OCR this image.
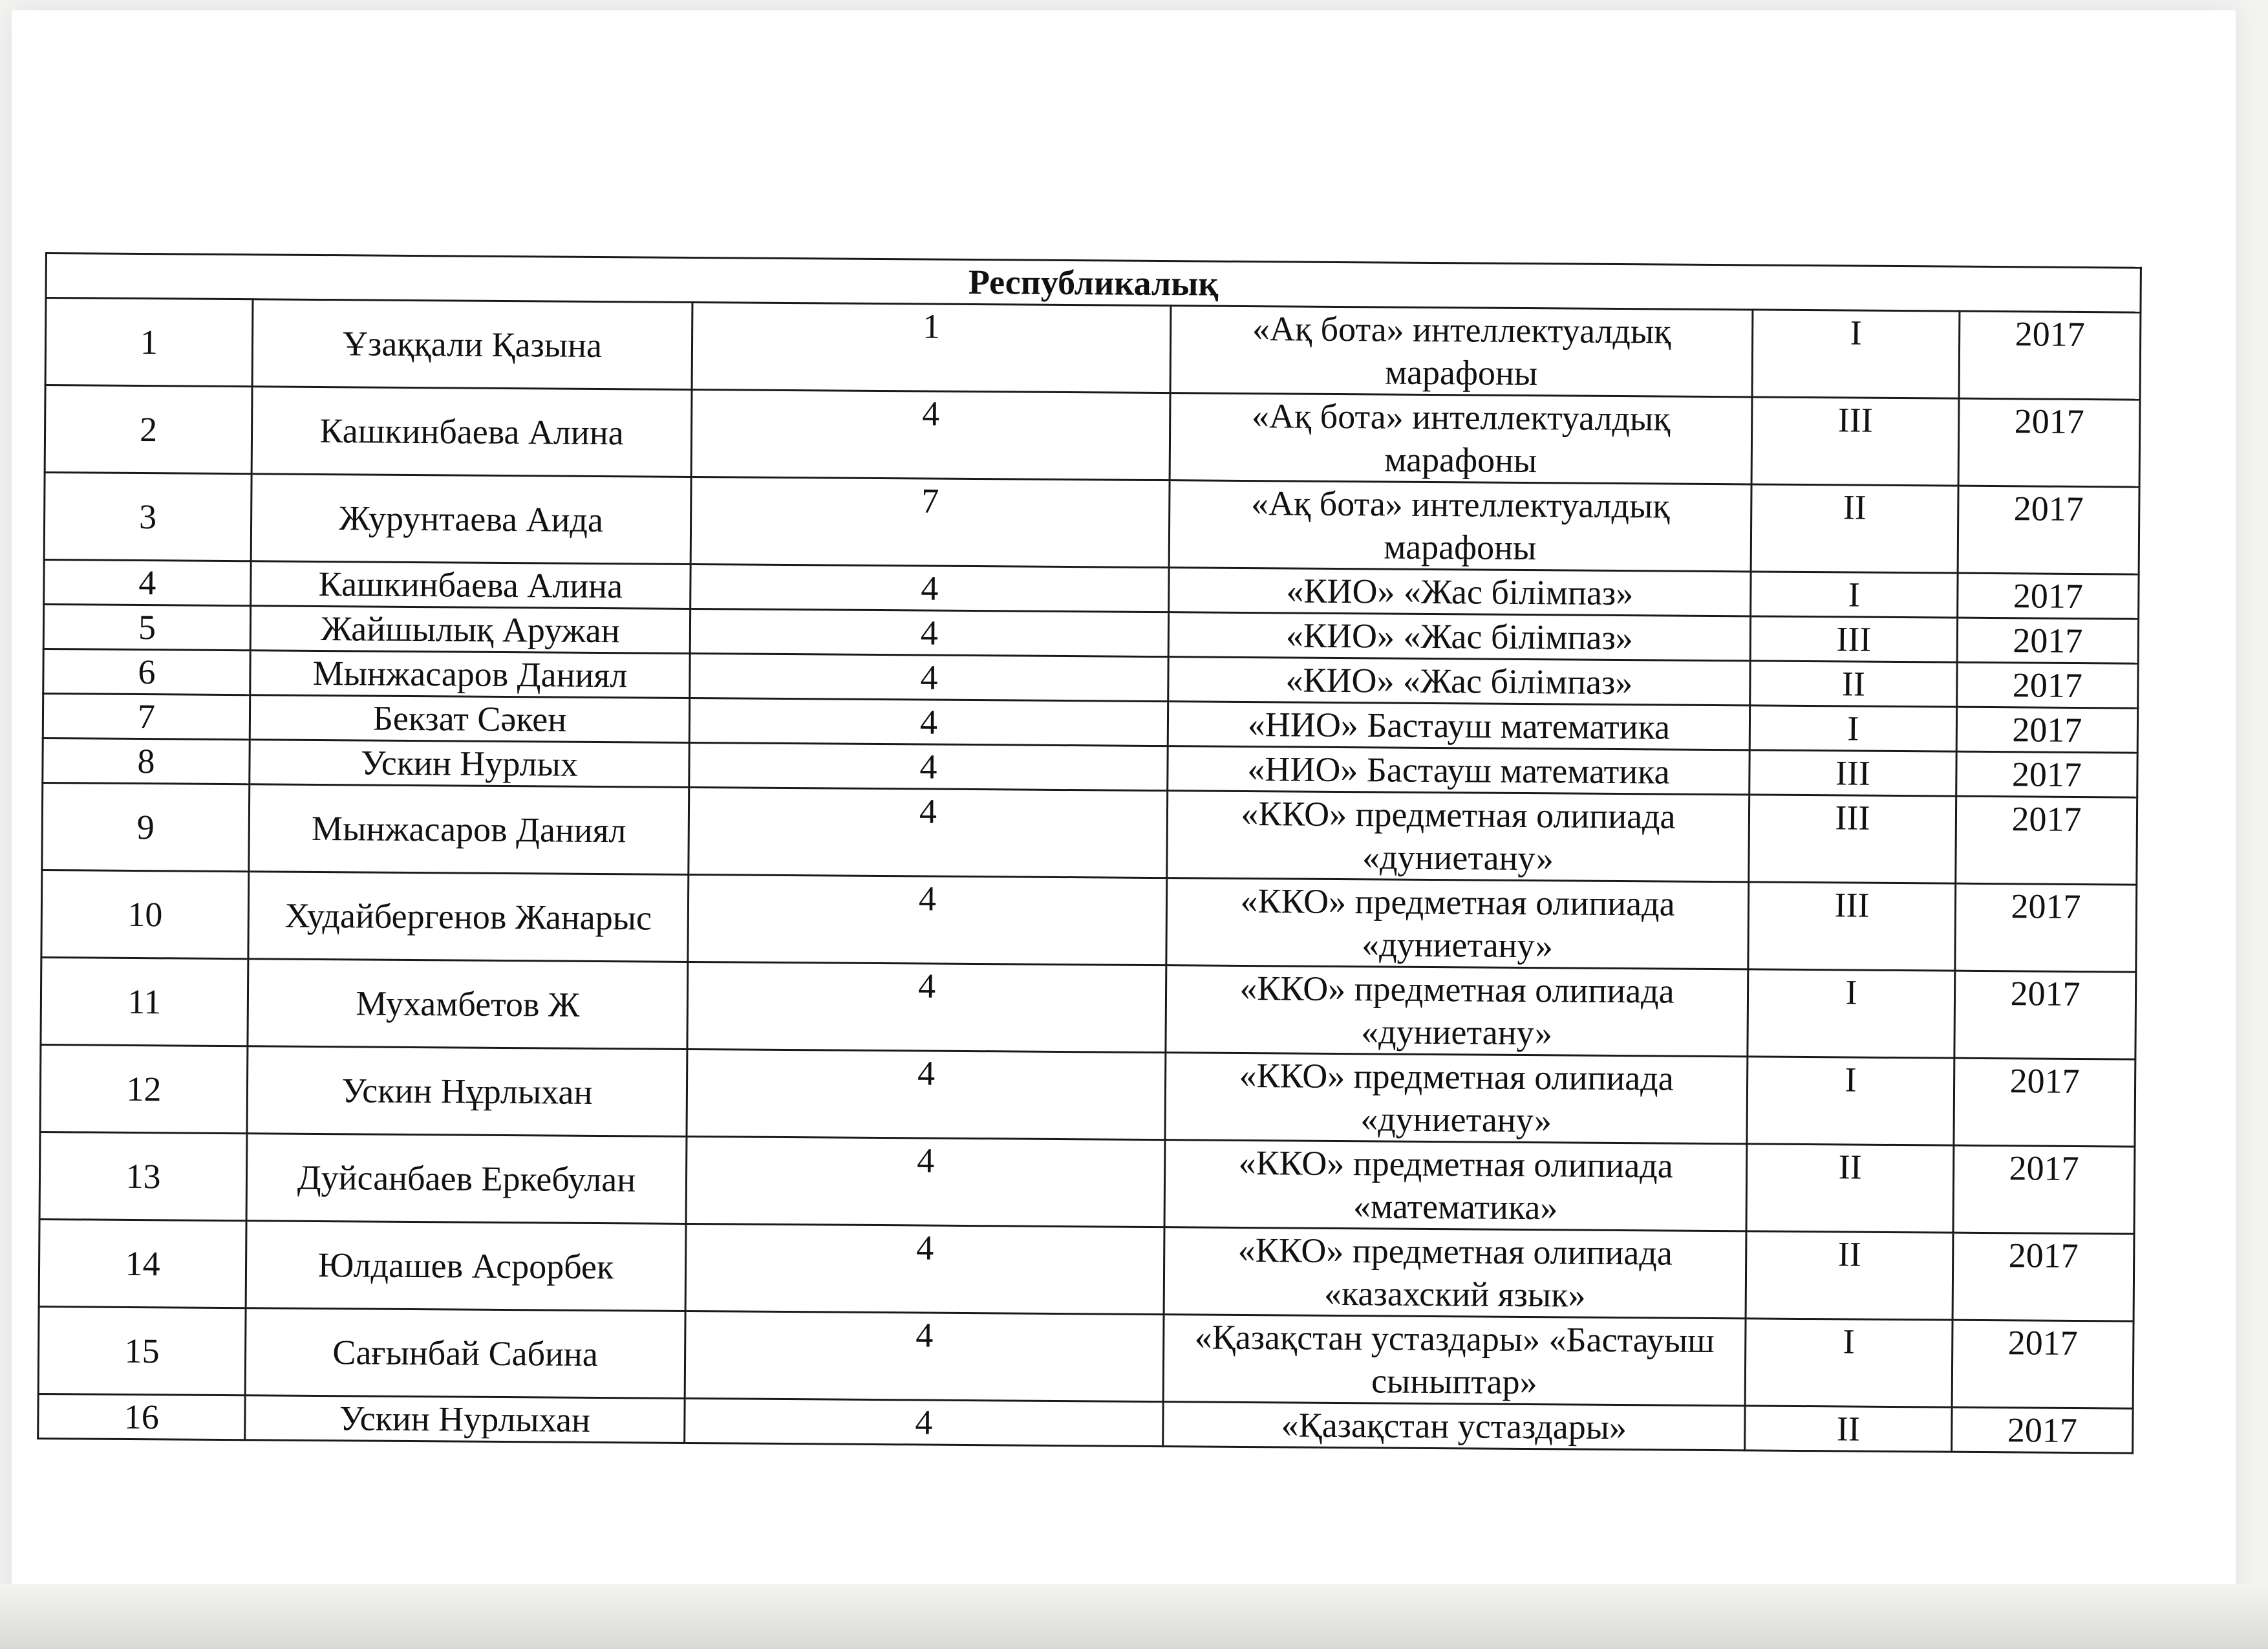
Республикалық					
1	Ұзаққали Қазына	1	«Ақ бота» интеллектуалдық марафоны	I	2017
2	Кашкинбаева Алина	4	«Ақ бота» интеллектуалдық марафоны	III	2017
3	Журунтаева Аида	7	«Ақ бота» интеллектуалдық марафоны	II	2017
4	Кашкинбаева Алина	4	«КИО» «Жас білімпаз»	I	2017
5	Жайшылық Аружан	4	«КИО» «Жас білімпаз»	III	2017
6	Мынжасаров Даниял	4	«КИО» «Жас білімпаз»	II	2017
7	Бекзат Сәкен	4	«НИО» Бастауш математика	I	2017
8	Ускин Нурлых	4	«НИО» Бастауш математика	III	2017
9	Мынжасаров Даниял	4	«ККО» предметная олипиада «дуниетану»	III	2017
10	Худайбергенов Жанарыс	4	«ККО» предметная олипиада «дуниетану»	III	2017
11	Мухамбетов Ж	4	«ККО» предметная олипиада «дуниетану»	I	2017
12	Ускин Нұрлыхан	4	«ККО» предметная олипиада «дуниетану»	I	2017
13	Дуйсанбаев Еркебулан	4	«ККО» предметная олипиада «математика»	II	2017
14	Юлдашев Асрорбек	4	«ККО» предметная олипиада «казахский язык»	II	2017
15	Сағынбай Сабина	4	«Қазақстан устаздары» «Бастауыш сыныптар»	I	2017
16	Ускин Нурлыхан	4	«Қазақстан устаздары»	II	2017
